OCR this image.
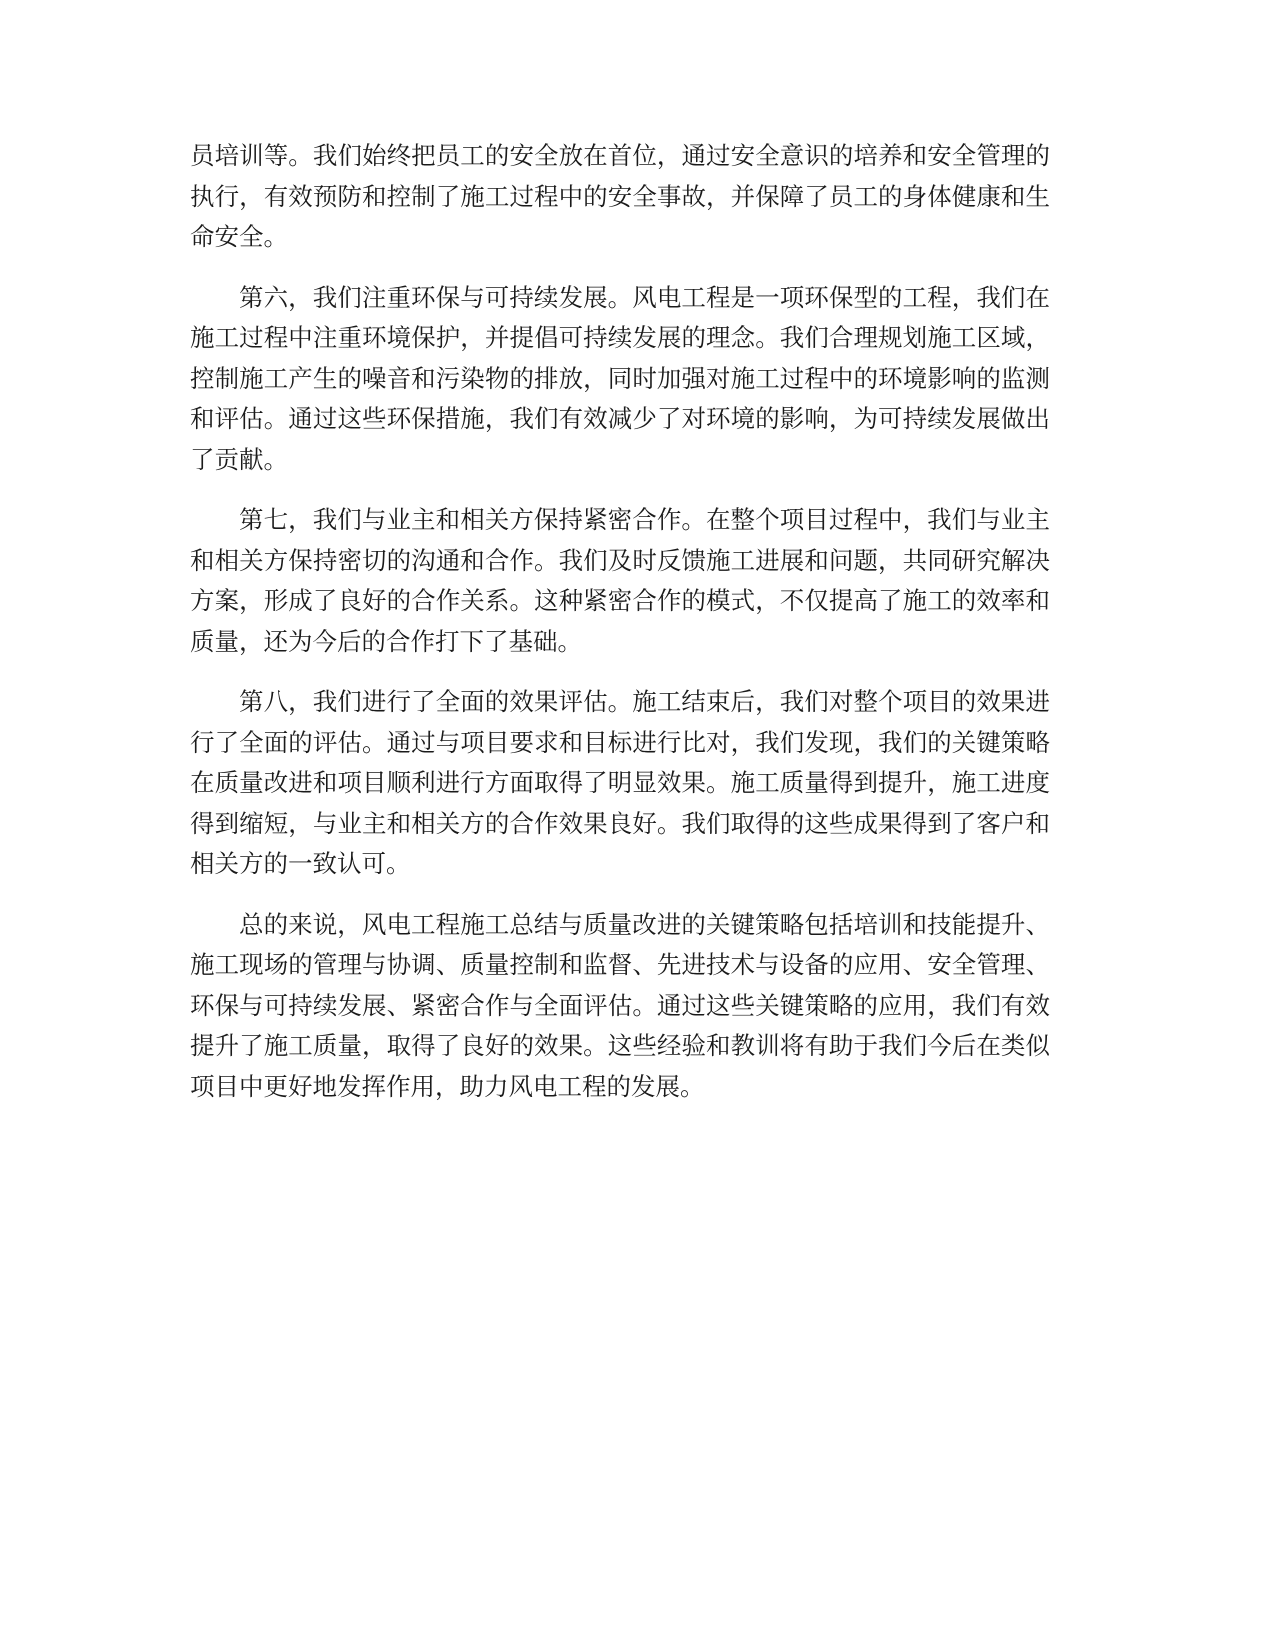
员培训等。我们始终把员工的安全放在首位，通过安全意识的培养和安全管理的执行，有效预防和控制了施工过程中的安全事故，并保障了员工的身体健康和生命安全。

第六，我们注重环保与可持续发展。风电工程是一项环保型的工程，我们在施工过程中注重环境保护，并提倡可持续发展的理念。我们合理规划施工区域，控制施工产生的噪音和污染物的排放，同时加强对施工过程中的环境影响的监测和评估。通过这些环保措施，我们有效减少了对环境的影响，为可持续发展做出了贡献。

第七，我们与业主和相关方保持紧密合作。在整个项目过程中，我们与业主和相关方保持密切的沟通和合作。我们及时反馈施工进展和问题，共同研究解决方案，形成了良好的合作关系。这种紧密合作的模式，不仅提高了施工的效率和质量，还为今后的合作打下了基础。

第八，我们进行了全面的效果评估。施工结束后，我们对整个项目的效果进行了全面的评估。通过与项目要求和目标进行比对，我们发现，我们的关键策略在质量改进和项目顺利进行方面取得了明显效果。施工质量得到提升，施工进度得到缩短，与业主和相关方的合作效果良好。我们取得的这些成果得到了客户和相关方的一致认可。

总的来说，风电工程施工总结与质量改进的关键策略包括培训和技能提升、施工现场的管理与协调、质量控制和监督、先进技术与设备的应用、安全管理、环保与可持续发展、紧密合作与全面评估。通过这些关键策略的应用，我们有效提升了施工质量，取得了良好的效果。这些经验和教训将有助于我们今后在类似项目中更好地发挥作用，助力风电工程的发展。
